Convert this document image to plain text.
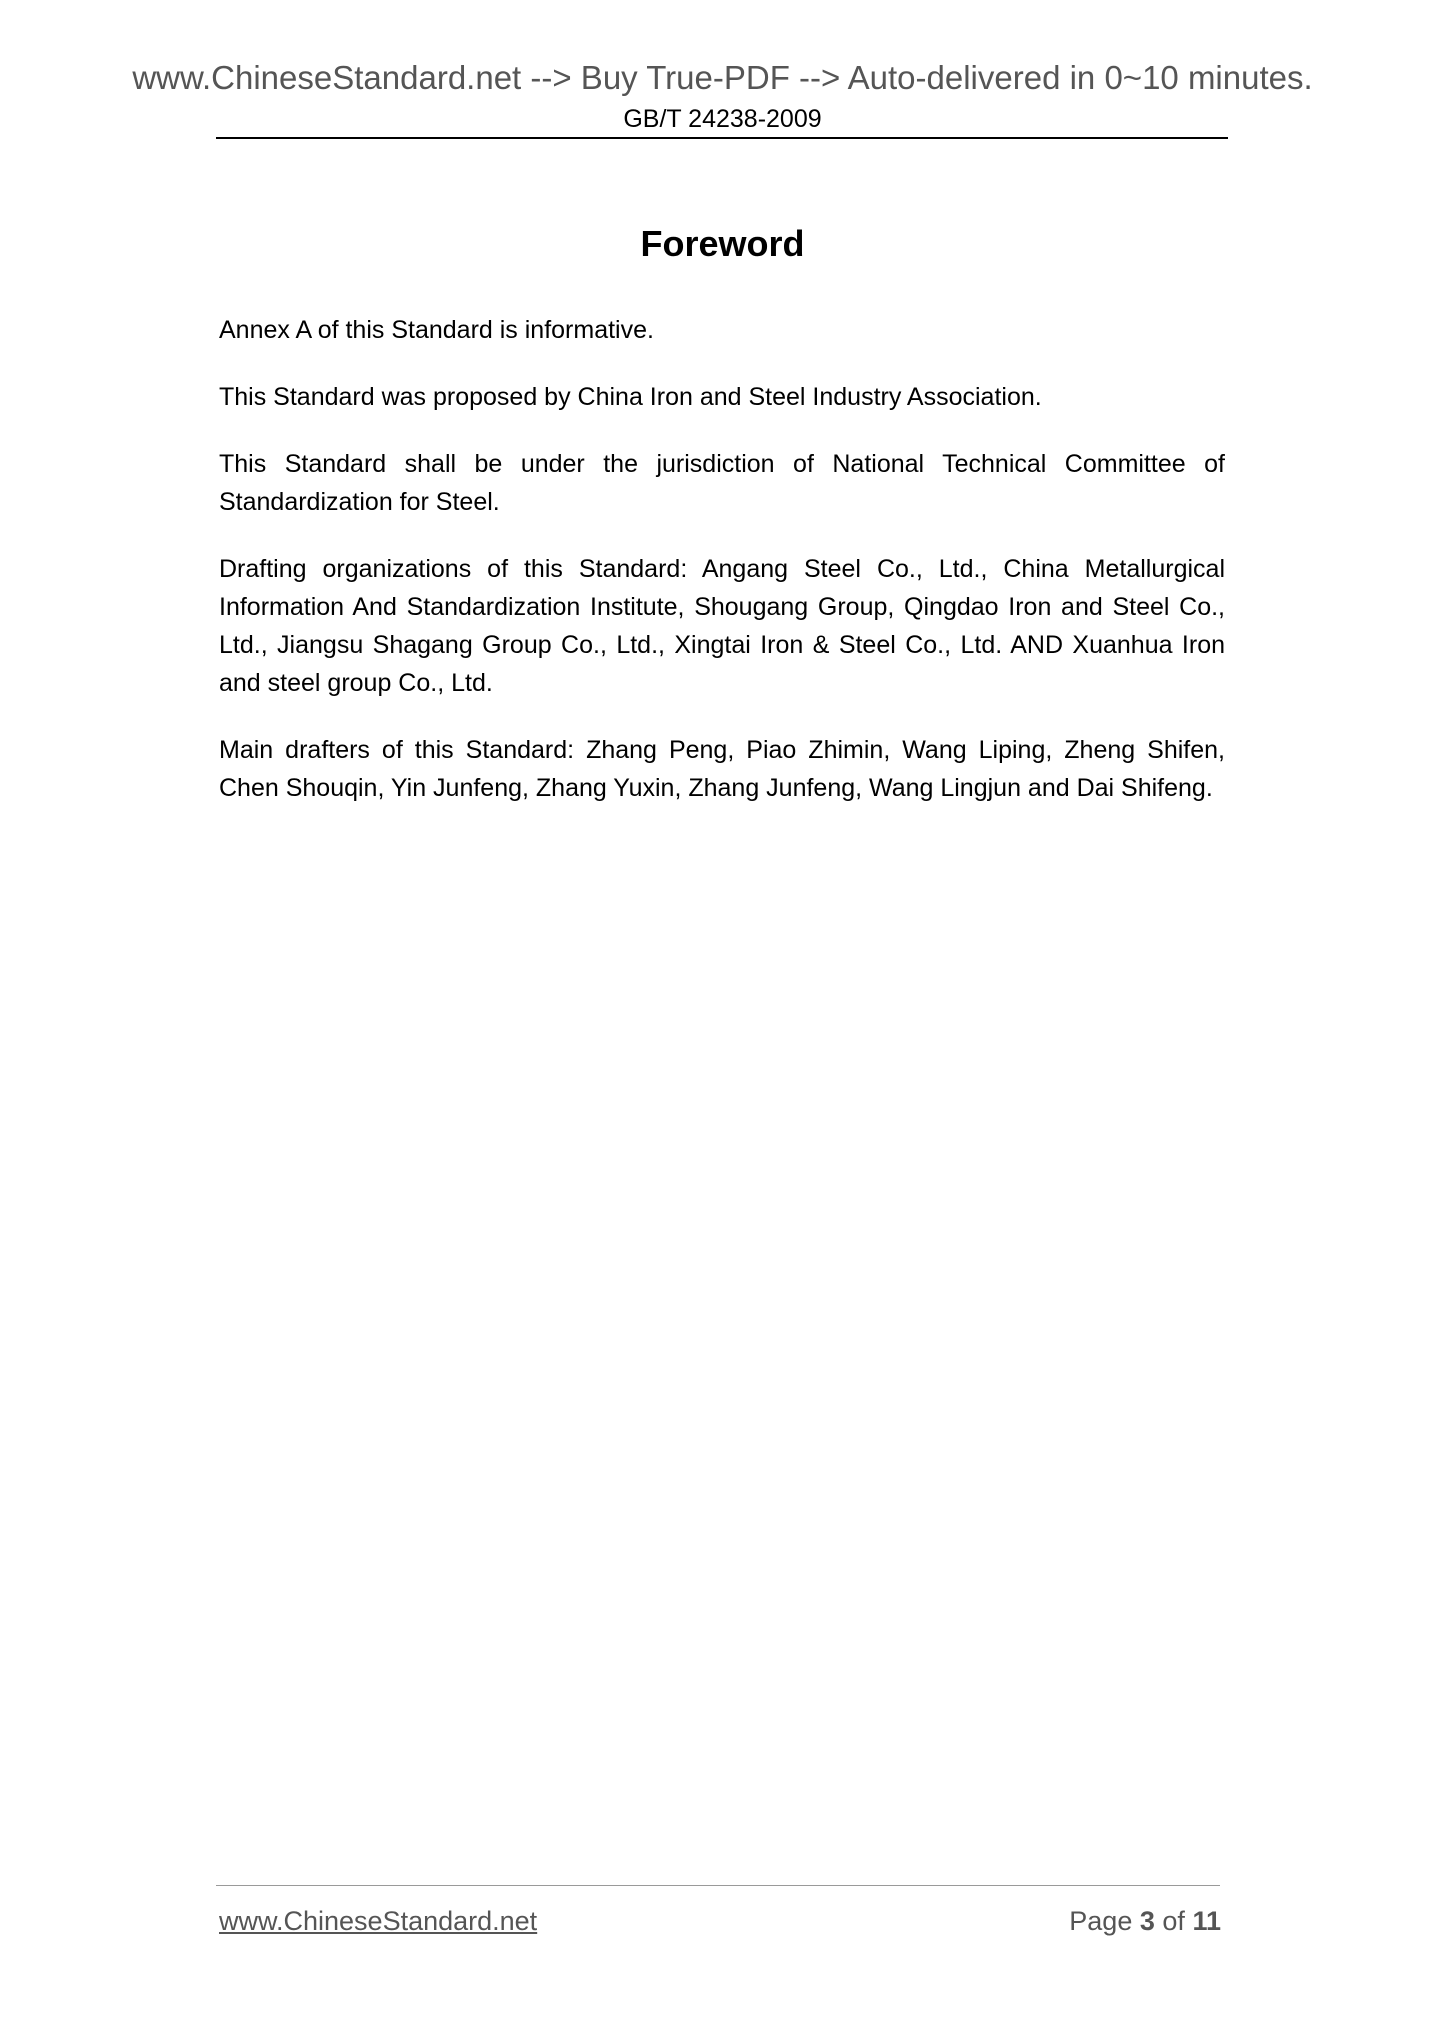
www.ChineseStandard.net --> Buy True-PDF --> Auto-delivered in 0~10 minutes.
GB/T 24238-2009
Foreword

Annex A of this Standard is informative.

This Standard was proposed by China Iron and Steel Industry Association.

This Standard shall be under the jurisdiction of National Technical Committee of Standardization for Steel.

Drafting organizations of this Standard: Angang Steel Co., Ltd., China Metallurgical Information And Standardization Institute, Shougang Group, Qingdao Iron and Steel Co., Ltd., Jiangsu Shagang Group Co., Ltd., Xingtai Iron & Steel Co., Ltd. AND Xuanhua Iron and steel group Co., Ltd.

Main drafters of this Standard: Zhang Peng, Piao Zhimin, Wang Liping, Zheng Shifen, Chen Shouqin, Yin Junfeng, Zhang Yuxin, Zhang Junfeng, Wang Lingjun and Dai Shifeng.

www.ChineseStandard.net	Page 3 of 11
